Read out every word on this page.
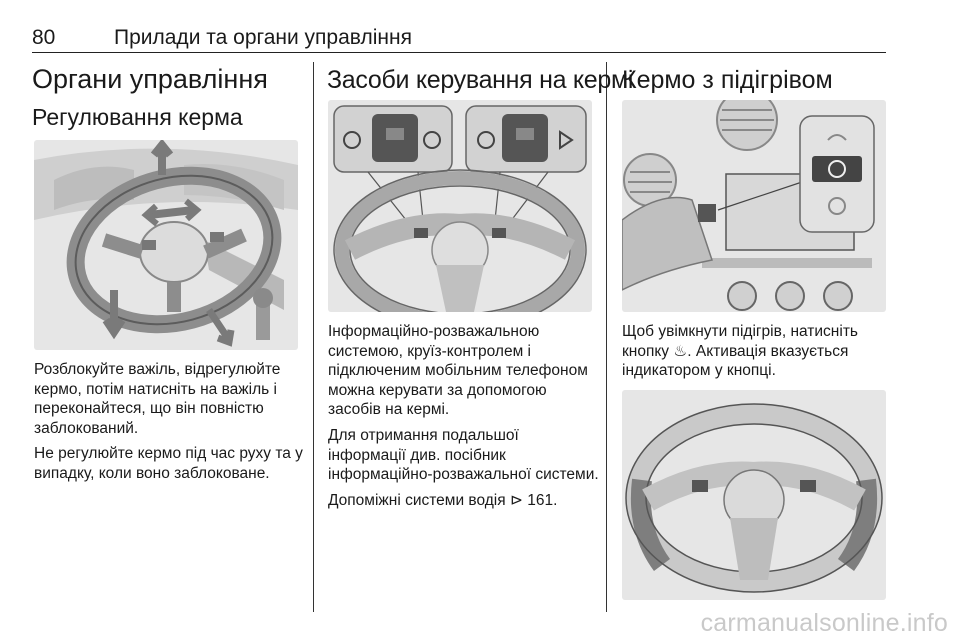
80	Прилади та органи управління
Органи управління
Регулювання керма

Розблокуйте важіль, відрегулюйте кермо, потім натисніть на важіль і переконайтеся, що він повністю заблокований.

Не регулюйте кермо під час руху та у випадку, коли воно заблоковане.

Засоби керування на кермі

Інформаційно-розважальною системою, круїз-контролем і підключеним мобільним телефоном можна керувати за допомогою засобів на кермі.

Для отримання подальшої інформації див. посібник інформаційно-розважальної системи.

Допоміжні системи водія ⊳ 161.

Кермо з підігрівом

Щоб увімкнути підігрів, натисніть кнопку ♨. Активація вказується індикатором у кнопці.

carmanualsonline.info
